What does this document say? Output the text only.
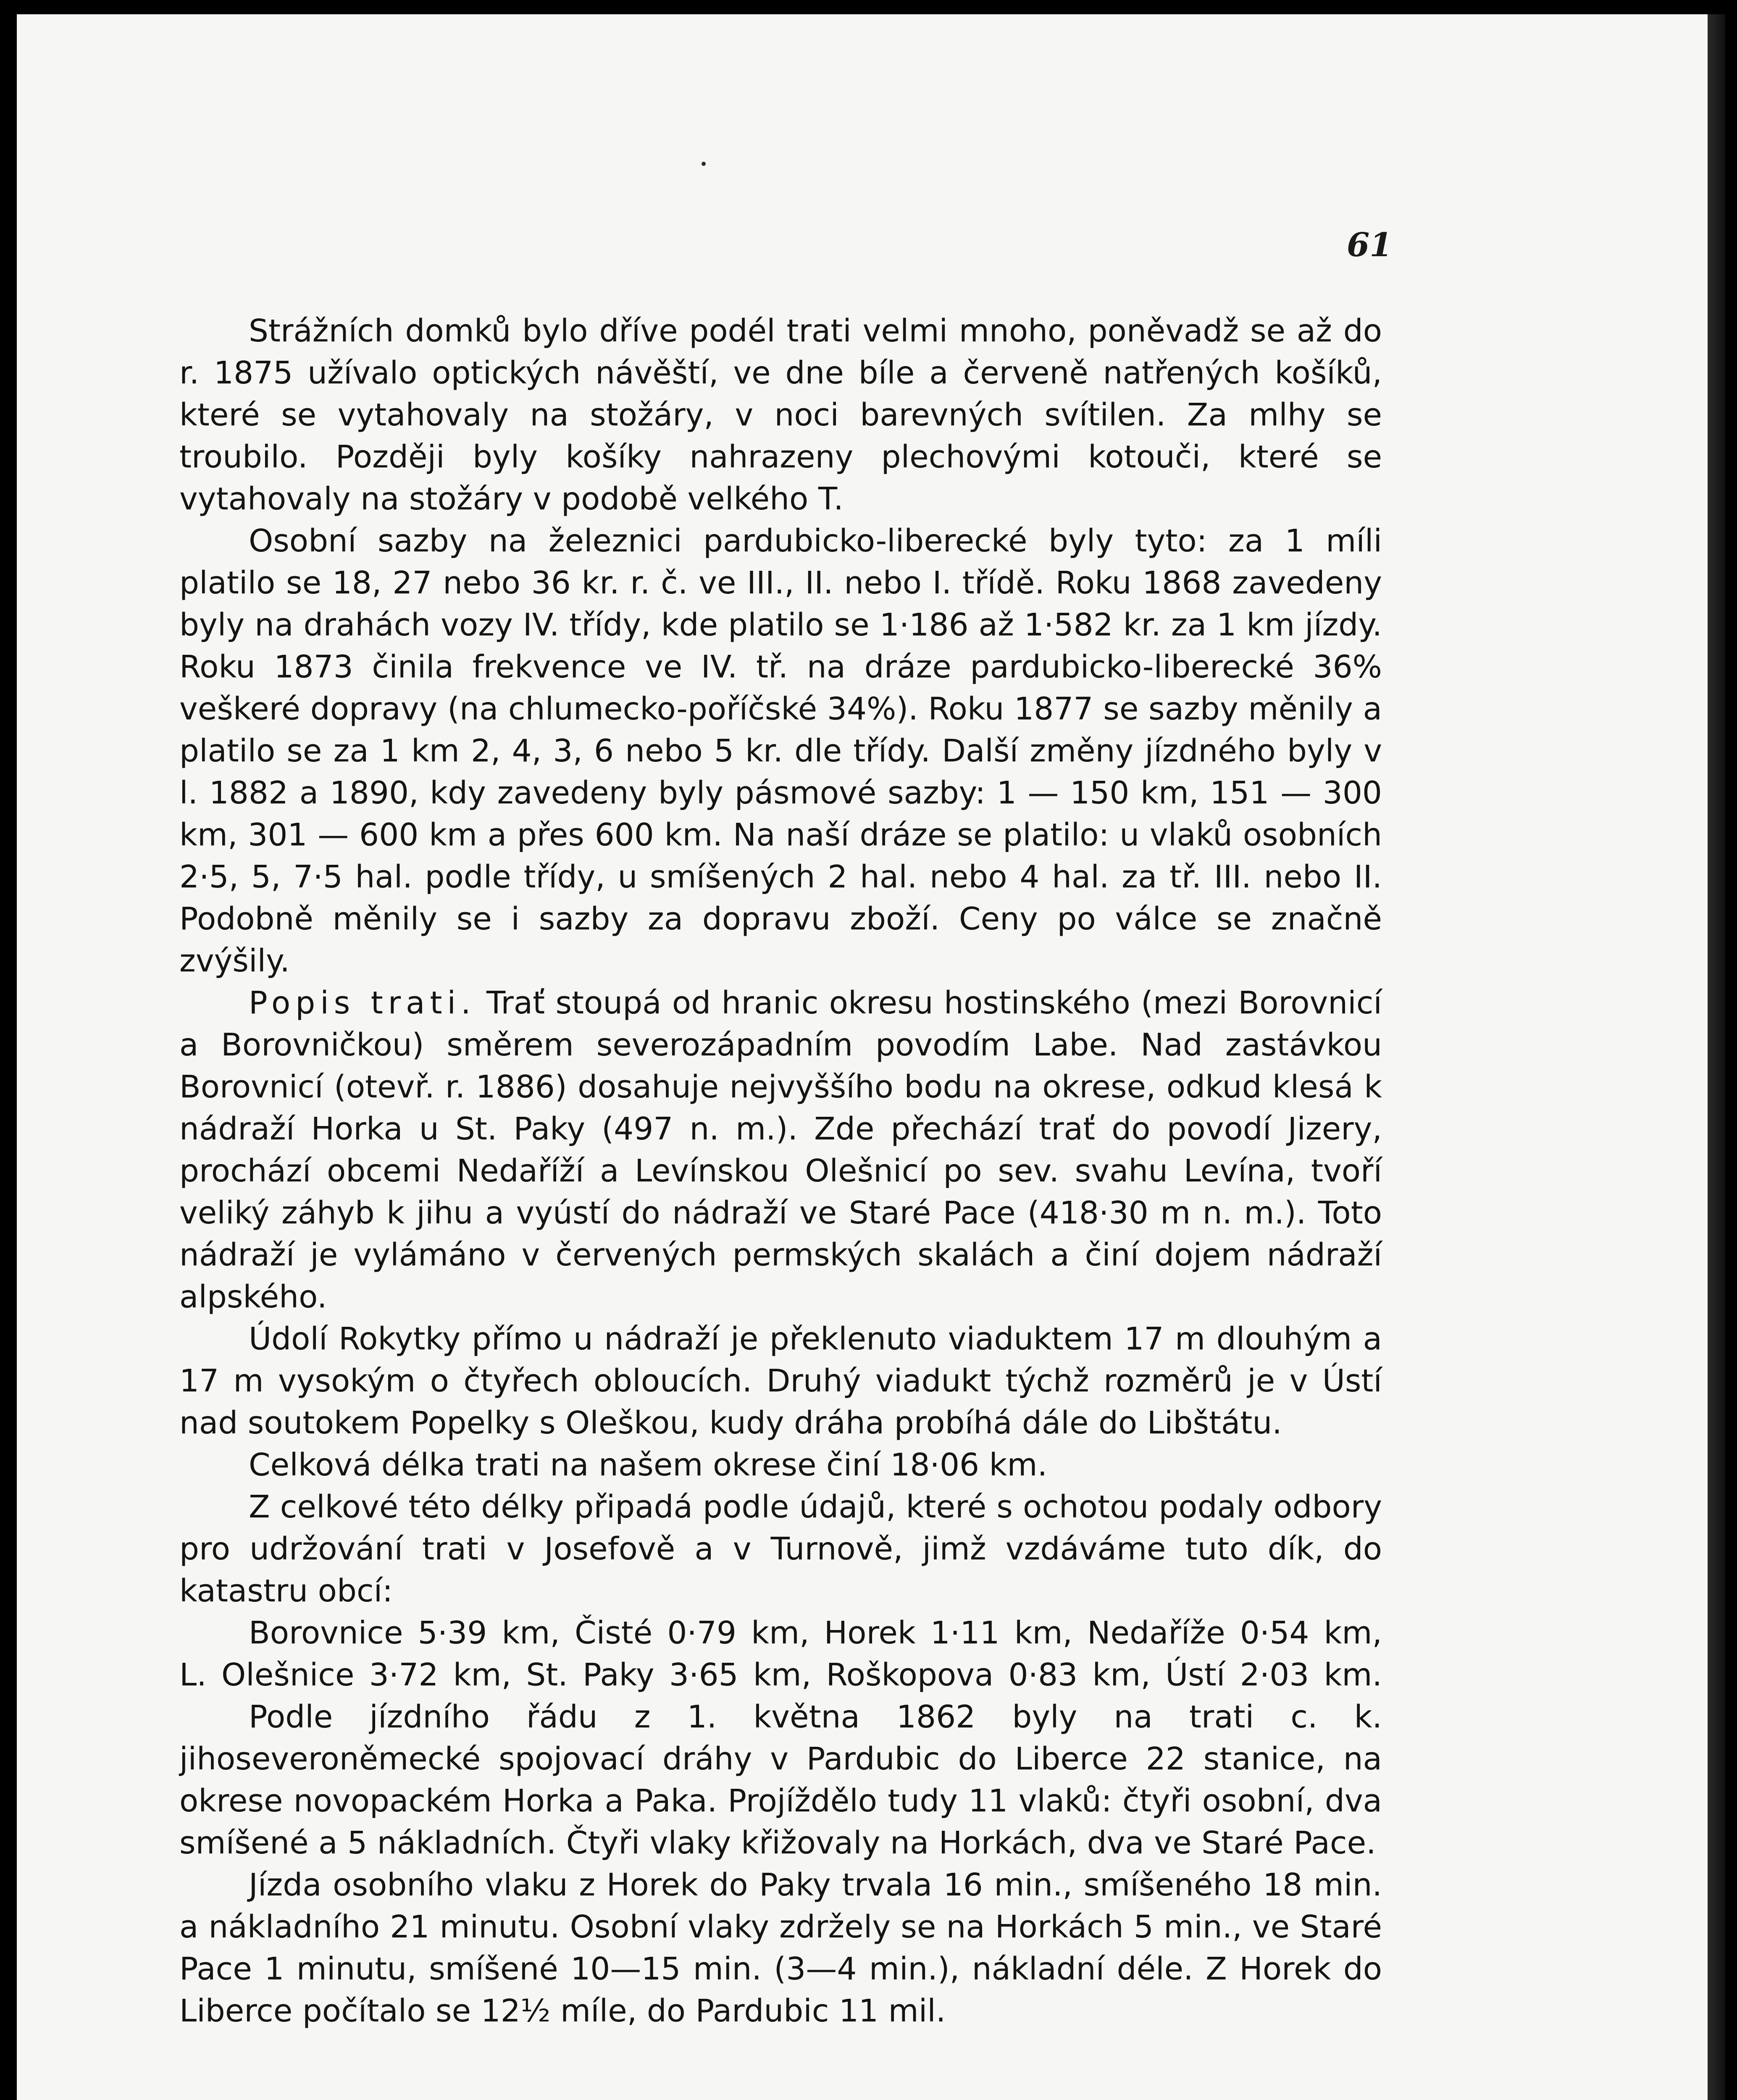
61

Strážních domků bylo dříve podél trati velmi mnoho, poněvadž se až do r. 1875 užívalo optických návěští, ve dne bíle a červeně natřených košíků, které se vytahovaly na stožáry, v noci barevných svítilen. Za mlhy se troubilo. Později byly košíky nahrazeny plechovými kotouči, které se vytahovaly na stožáry v podobě velkého T.

Osobní sazby na železnici pardubicko-liberecké byly tyto: za 1 míli platilo se 18, 27 nebo 36 kr. r. č. ve III., II. nebo I. třídě. Roku 1868 zavedeny byly na drahách vozy IV. třídy, kde platilo se 1·186 až 1·582 kr. za 1 km jízdy. Roku 1873 činila frekvence ve IV. tř. na dráze pardubicko-liberecké 36% veškeré dopravy (na chlumecko-poříčské 34%). Roku 1877 se sazby měnily a platilo se za 1 km 2, 4, 3, 6 nebo 5 kr. dle třídy. Další změny jízdného byly v l. 1882 a 1890, kdy zavedeny byly pásmové sazby: 1 — 150 km, 151 — 300 km, 301 — 600 km a přes 600 km. Na naší dráze se platilo: u vlaků osobních 2·5, 5, 7·5 hal. podle třídy, u smíšených 2 hal. nebo 4 hal. za tř. III. nebo II. Podobně měnily se i sazby za dopravu zboží. Ceny po válce se značně zvýšily.

Popis trati. Trať stoupá od hranic okresu hostinského (mezi Borovnicí a Borovničkou) směrem severozápadním povodím Labe. Nad zastávkou Borovnicí (otevř. r. 1886) dosahuje nejvyššího bodu na okrese, odkud klesá k nádraží Horka u St. Paky (497 n. m.). Zde přechází trať do povodí Jizery, prochází obcemi Nedaříží a Levínskou Olešnicí po sev. svahu Levína, tvoří veliký záhyb k jihu a vyústí do nádraží ve Staré Pace (418·30 m n. m.). Toto nádraží je vylámáno v červených permských skalách a činí dojem nádraží alpského.

Údolí Rokytky přímo u nádraží je překlenuto viaduktem 17 m dlouhým a 17 m vysokým o čtyřech obloucích. Druhý viadukt týchž rozměrů je v Ústí nad soutokem Popelky s Oleškou, kudy dráha probíhá dále do Libštátu.

Celková délka trati na našem okrese činí 18·06 km.

Z celkové této délky připadá podle údajů, které s ochotou podaly odbory pro udržování trati v Josefově a v Turnově, jimž vzdáváme tuto dík, do katastru obcí:

Borovnice 5·39 km, Čisté 0·79 km, Horek 1·11 km, Nedaříže 0·54 km,

L. Olešnice 3·72 km, St. Paky 3·65 km, Roškopova 0·83 km, Ústí 2·03 km.

Podle jízdního řádu z 1. května 1862 byly na trati c. k. jihoseveroněmecké spojovací dráhy v Pardubic do Liberce 22 stanice, na okrese novopackém Horka a Paka. Projíždělo tudy 11 vlaků: čtyři osobní, dva smíšené a 5 nákladních. Čtyři vlaky křižovaly na Horkách, dva ve Staré Pace.

Jízda osobního vlaku z Horek do Paky trvala 16 min., smíšeného 18 min. a nákladního 21 minutu. Osobní vlaky zdržely se na Horkách 5 min., ve Staré Pace 1 minutu, smíšené 10—15 min. (3—4 min.), nákladní déle. Z Horek do Liberce počítalo se 12½ míle, do Pardubic 11 mil.
